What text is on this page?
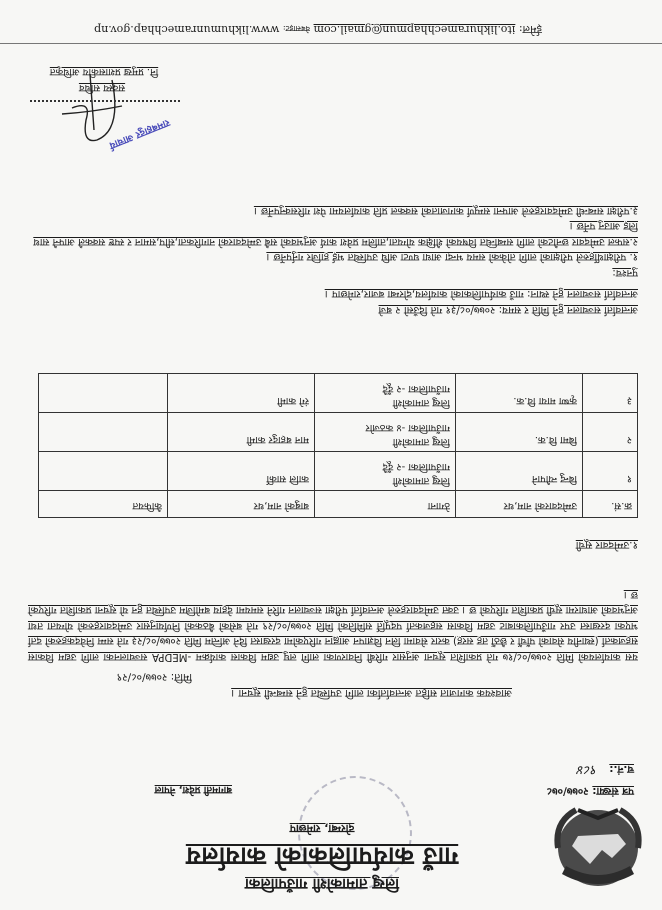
लिखु तामाकोशी गाउँपालिका
गाउँ कार्यपालिकाको कार्यालय
दोरम्बा, रामेछाप
बागमती प्रदेश, नेपाल	पत्र संख्या: २०७७/०७८
च.नं.: ९८४
आवश्यक कागजात सहित अन्तर्वार्ताका लागि उपस्थित हुने सम्बन्धी सूचना ।
मिति: २०७७/०८/२९
यस कार्यालयको मिति २०७७/०८/१७ गते प्रकाशित सूचना अनुसार गरिबी निवारणका लागि लघु उद्यम विकास कार्यक्रम -MEDPA सञ्चालनका लागि उद्यम विकास सहजकर्ता (स्थानीय सेवाको पाँचौं र छैठौं तह सरह) करार सेवामा लिन विज्ञापन आह्वान गरिएकोमा दरखास्त दिने अन्तिम मिति २०७७/०८/२३ गते सम्म निवेदकहरुको दर्ता भएका दरखास्त उपर गाउँपालिकाबाट उद्यम विकास सहजकर्ता पदपूर्ति समितिको मिति २०७७/०८/२९ गते बसेको बैठकको निर्णयानुसार उम्मेदवारहरुको योग्यता तथा अनुभवको आधारमा सूची प्रकाशित गरिएको छ । उक्त उम्मेदवारहरुले अन्तर्वार्ता परीक्षा सञ्चालन गरिने समयमा देहाय बमोजिम उपस्थित हुन यो सूचना प्रकाशित गरिएको छ ।
१.उम्मेदवार सूची
क्र.सं.	उम्मेदवारको नाम,थर	ठेगाना	बाबुको नाम,थर	कैफियत
१	बिन्दु न्यौपाने	लिखु तामाकोशी
गाउँपालिका -२ दूँदै	कालि सार्की	
२	बिमा वि.क.	लिखु तामाकोशी
गाउँपालिका -४ कठजोर	मान बहादुर कामी	
३	कृष्ण माया वि.क.	लिखु तामाकोशी
गाउँपालिका -२ दूँदै	रंगे कामी	
अन्तर्वार्ता सञ्चालन हुने मिति र समय: २०७७/०८/३१ गते दिउँसो २ बजे
अन्तर्वार्ता सञ्चालन हुने स्थान: गाउँ कार्यपालिकाको कार्यालय,दोरम्बा बजार,रामेछाप ।
पुनश्च:
१. परीक्षार्थीहरुले परीक्षाको लागि तोकेको समय भन्दा आधा घण्टा अघि उपस्थित भई हाजिर गर्नुपर्नेछ ।
२.सफल उम्मेदवार छनौटको लागि सम्बन्धित विषयको शैक्षिक योग्यता,तालिम प्रवेश कार्य अनुभवको सबै उम्मेदवारको नागरिकता,सीप,समान र स्पष्ट सक्कलै आफ्नै साथ लिइ आउनु पर्नेछ ।
३.परीक्षा सम्बन्धी उम्मेदवारहरुले आफ्ना सम्पूर्ण कागजातको सक्कल प्रति कार्यालयमा पेश गरिसक्नुपर्नेछ ।
रामबहादुर आचार्य
सदस्य सचिव
नि. प्रमुख प्रशासकीय अधिकृत
ईमेल: ito.likhuramechhapmun@gmail.com वेबसाइट: www.likhumunramechhap.gov.np
